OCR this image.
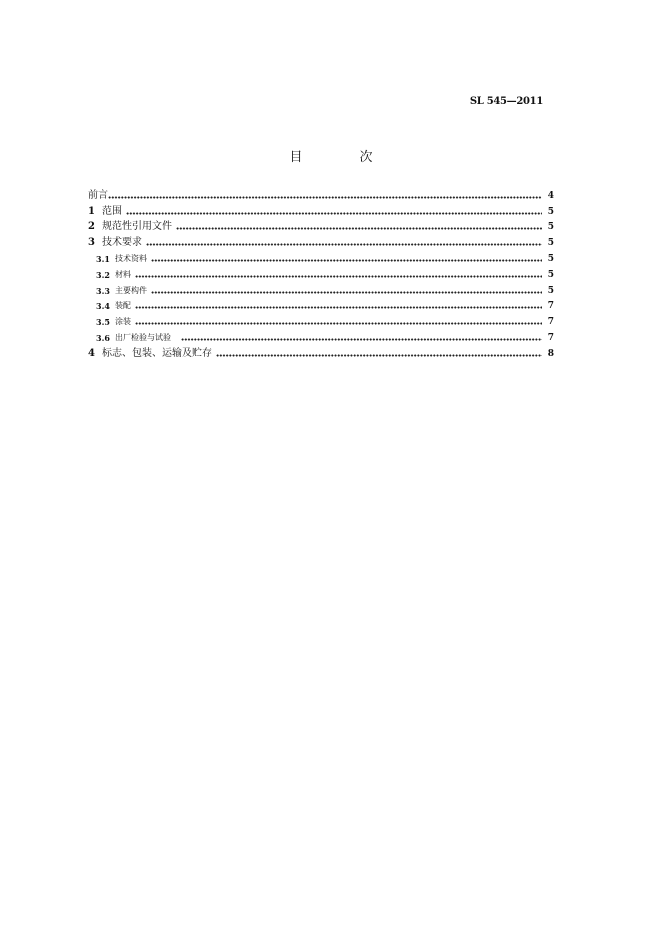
SL 545—2011
目　次
前言	4
1 范围	5
2 规范性引用文件	5
3 技术要求	5
3.1 技术资料	5
3.2 材料	5
3.3 主要构件	5
3.4 装配	7
3.5 涂装	7
3.6 出厂检验与试验	7
4 标志、包装、运输及贮存	8
